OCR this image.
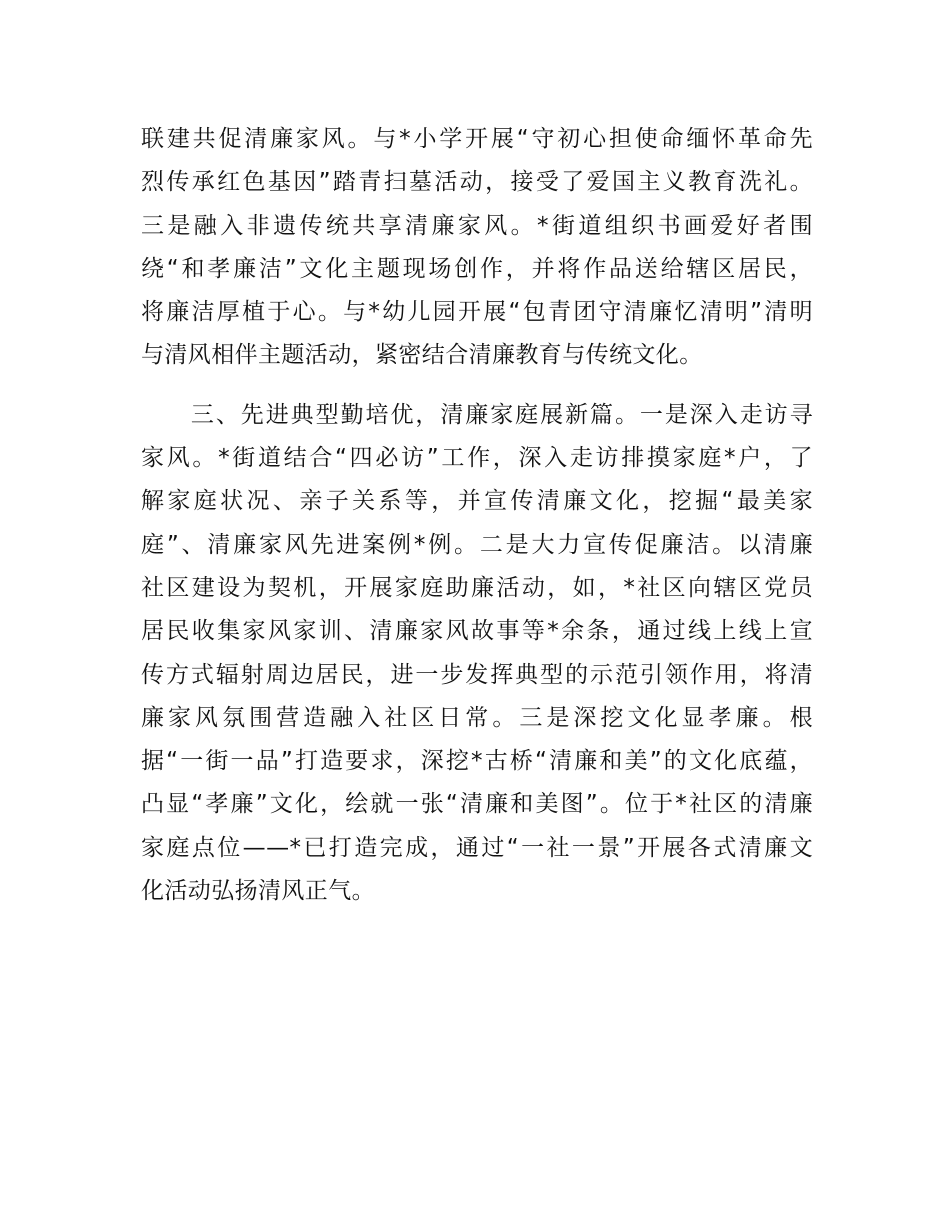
联建共促清廉家风。与*小学开展“守初心担使命缅怀革命先
烈传承红色基因”踏青扫墓活动，接受了爱国主义教育洗礼。
三是融入非遗传统共享清廉家风。*街道组织书画爱好者围
绕“和孝廉洁”文化主题现场创作，并将作品送给辖区居民，
将廉洁厚植于心。与*幼儿园开展“包青团守清廉忆清明”清明
与清风相伴主题活动，紧密结合清廉教育与传统文化。
　　三、先进典型勤培优，清廉家庭展新篇。一是深入走访寻
家风。*街道结合“四必访”工作，深入走访排摸家庭*户，了
解家庭状况、亲子关系等，并宣传清廉文化，挖掘“最美家
庭”、清廉家风先进案例*例。二是大力宣传促廉洁。以清廉
社区建设为契机，开展家庭助廉活动，如，*社区向辖区党员
居民收集家风家训、清廉家风故事等*余条，通过线上线上宣
传方式辐射周边居民，进一步发挥典型的示范引领作用，将清
廉家风氛围营造融入社区日常。三是深挖文化显孝廉。根
据“一街一品”打造要求，深挖*古桥“清廉和美”的文化底蕴，
凸显“孝廉”文化，绘就一张“清廉和美图”。位于*社区的清廉
家庭点位——*已打造完成，通过“一社一景”开展各式清廉文
化活动弘扬清风正气。
